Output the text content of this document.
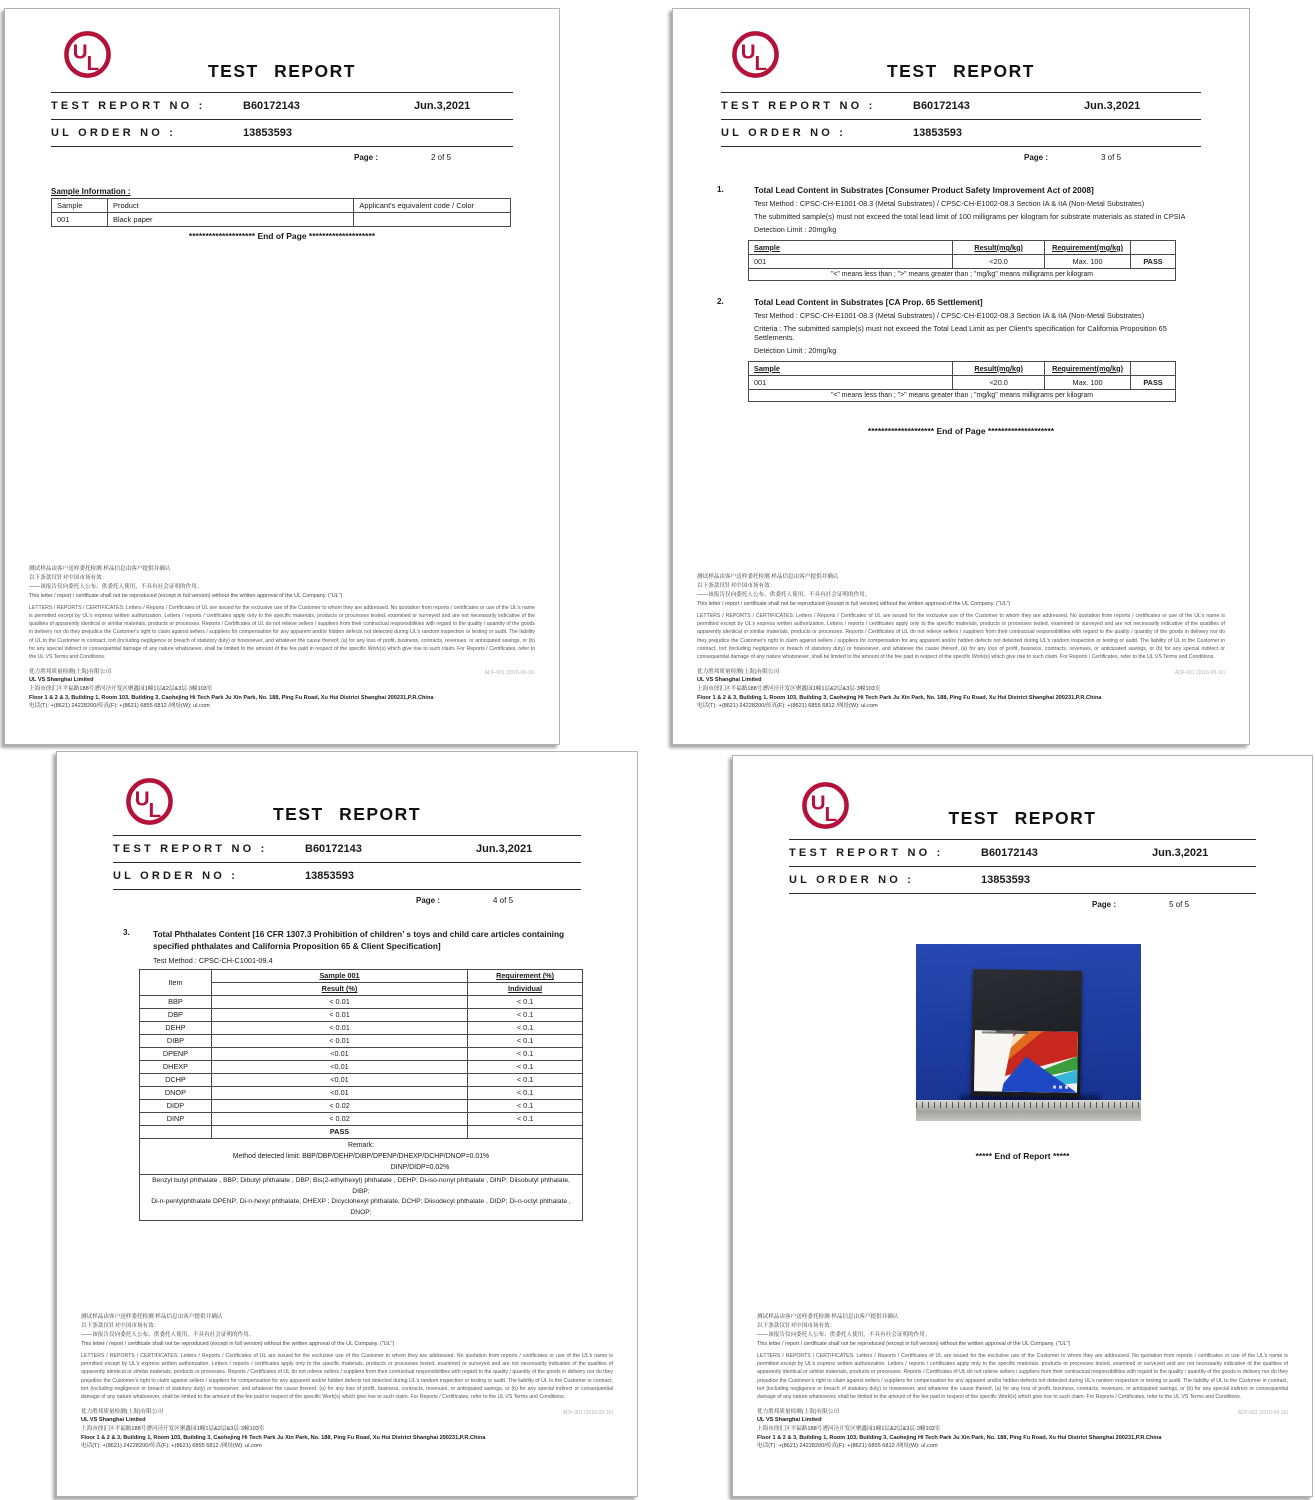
U
L	TEST REPORT
TEST REPORT NO :	B60172143	Jun.3,2021
UL ORDER NO :	13853593
Page :	2 of 5
Sample Information :
Sample	Product	Applicant's equivalent code / Color
001	Black paper	
******************** End of Page ********************
测试样品由客户送样委托检测 样品信息由客户提供并确认
以下条款仅针对中国市场有效：
——该报告仅向委托人公布、供委托人使用，不具有社会证明的作用。
This letter / report / certificate shall not be reproduced (except in full version) without the written approval of the UL Company. ("UL")
LETTERS / REPORTS / CERTIFICATES: Letters / Reports / Certificates of UL are issued for the exclusive use of the Customer to whom they are addressed. No quotation from reports / certificates or use of the UL's name is permitted except by UL's express written authorization. Letters / reports / certificates apply only to the specific materials, products or processes tested, examined or surveyed and are not necessarily indicative of the qualities of apparently identical or similar materials, products or processes. Reports / Certificates of UL do not relieve sellers / suppliers from their contractual responsibilities with regard to the quality / quantity of the goods in delivery nor do they prejudice the Customer's right to claim against sellers / suppliers for compensation for any apparent and/or hidden defects not detected during UL's random inspection or testing or audit. The liability of UL to the Customer in contract, tort (including negligence or breach of statutory duty) or howsoever, and whatever the cause thereof, (a) for any loss of profit, business, contracts, revenues, or anticipated savings, or (b) for any special indirect or consequential damage of any nature whatsoever, shall be limited to the amount of the fee paid in respect of the specific Work(s) which give rise to such claim. For Reports / Certificates, refer to the UL VS Terms and Conditions.
优力胜邦质量检测(上海)有限公司
UL VS Shanghai Limited
上海市徐汇区平福路188号漕河泾开发区聚鑫园1幢1层&2层&3层·3幢103室
Floor 1 & 2 & 3, Building 1, Room 103, Building 3, Caohejing Hi Tech Park Ju Xin Park, No. 188, Ping Fu Road, Xu Hui District Shanghai 200231,P.R.China
电话(T): +(8621) 24228200/传真(F): +(8621) 6855 6812 /网址(W): ul.com
ADF-001 (2016-09-16)
U
L	TEST REPORT
TEST REPORT NO :	B60172143	Jun.3,2021
UL ORDER NO :	13853593
Page :	3 of 5
1.	Total Lead Content in Substrates [Consumer Product Safety Improvement Act of 2008]
Test Method : CPSC-CH-E1001-08.3 (Metal Substrates) / CPSC-CH-E1002-08.3 Section IA & IIA (Non-Metal Substrates)
The submitted sample(s) must not exceed the total lead limit of 100 milligrams per kilogram for substrate materials as stated in CPSIA
Detection Limit : 20mg/kg
Sample	Result(mg/kg)	Requirement(mg/kg)	
001	<20.0	Max. 100	PASS
"<" means less than ; ">" means greater than ; "mg/kg" means milligrams per kilogram			
2.	Total Lead Content in Substrates [CA Prop. 65 Settlement]
Test Method : CPSC-CH-E1001-08.3 (Metal Substrates) / CPSC-CH-E1002-08.3 Section IA & IIA (Non-Metal Substrates)
Criteria : The submitted sample(s) must not exceed the Total Lead Limit as per Client's specification for California Proposition 65 Settlements.
Detection Limit : 20mg/kg
Sample	Result(mg/kg)	Requirement(mg/kg)	
001	<20.0	Max. 100	PASS
"<" means less than ; ">" means greater than ; "mg/kg" means milligrams per kilogram			
******************** End of Page ********************
测试样品由客户送样委托检测 样品信息由客户提供并确认
以下条款仅针对中国市场有效：
——该报告仅向委托人公布、供委托人使用，不具有社会证明的作用。
This letter / report / certificate shall not be reproduced (except in full version) without the written approval of the UL Company. ("UL")
LETTERS / REPORTS / CERTIFICATES: Letters / Reports / Certificates of UL are issued for the exclusive use of the Customer to whom they are addressed. No quotation from reports / certificates or use of the UL's name is permitted except by UL's express written authorization. Letters / reports / certificates apply only to the specific materials, products or processes tested, examined or surveyed and are not necessarily indicative of the qualities of apparently identical or similar materials, products or processes. Reports / Certificates of UL do not relieve sellers / suppliers from their contractual responsibilities with regard to the quality / quantity of the goods in delivery nor do they prejudice the Customer's right to claim against sellers / suppliers for compensation for any apparent and/or hidden defects not detected during UL's random inspection or testing or audit. The liability of UL to the Customer in contract, tort (including negligence or breach of statutory duty) or howsoever, and whatever the cause thereof, (a) for any loss of profit, business, contracts, revenues, or anticipated savings, or (b) for any special indirect or consequential damage of any nature whatsoever, shall be limited to the amount of the fee paid in respect of the specific Work(s) which give rise to such claim. For Reports / Certificates, refer to the UL VS Terms and Conditions.
优力胜邦质量检测(上海)有限公司
UL VS Shanghai Limited
上海市徐汇区平福路188号漕河泾开发区聚鑫园1幢1层&2层&3层·3幢103室
Floor 1 & 2 & 3, Building 1, Room 103, Building 3, Caohejing Hi Tech Park Ju Xin Park, No. 188, Ping Fu Road, Xu Hui District Shanghai 200231,P.R.China
电话(T): +(8621) 24228200/传真(F): +(8621) 6855 6812 /网址(W): ul.com
ADF-001 (2016-09-16)
U
L	TEST REPORT
TEST REPORT NO :	B60172143	Jun.3,2021
UL ORDER NO :	13853593
Page :	4 of 5
3.	Total Phthalates Content [16 CFR 1307.3 Prohibition of children’ s toys and child care articles containing specified phthalates and California Proposition 65 & Client Specification]
Test Method : CPSC-CH-C1001-09.4
Item	Sample 001	Requirement (%)
	Result (%)	Individual
BBP	< 0.01	< 0.1
DBP	< 0.01	< 0.1
DEHP	< 0.01	< 0.1
DIBP	< 0.01	< 0.1
DPENP	<0.01	< 0.1
DHEXP	<0.01	< 0.1
DCHP	<0.01	< 0.1
DNOP	<0.01	< 0.1
DIDP	< 0.02	< 0.1
DINP	< 0.02	< 0.1
	PASS	

Remark:
Method detected limit: BBP/DBP/DEHP/DIBP/DPENP/DHEXP/DCHP/DNOP=0.01%
DINP/DIDP=0.02%		

Benzyl butyl phthalate , BBP; Dibutyl phthalate , DBP; Bis(2-ethylhexyl) phthalate , DEHP; Di-iso-nonyl phthalate , DINP; Diisobutyl phthalate, DIBP;
Di-n-pentylphthalate DPENP; Di-n-hexyl phthalate, DHEXP ; Dicyclohexyl phthalate, DCHP; Diisodecyl phthalate , DIDP; Di-n-octyl phthalate , DNOP;		
测试样品由客户送样委托检测 样品信息由客户提供并确认
以下条款仅针对中国市场有效：
——该报告仅向委托人公布、供委托人使用，不具有社会证明的作用。
This letter / report / certificate shall not be reproduced (except in full version) without the written approval of the UL Company. ("UL")
LETTERS / REPORTS / CERTIFICATES: Letters / Reports / Certificates of UL are issued for the exclusive use of the Customer to whom they are addressed. No quotation from reports / certificates or use of the UL's name is permitted except by UL's express written authorization. Letters / reports / certificates apply only to the specific materials, products or processes tested, examined or surveyed and are not necessarily indicative of the qualities of apparently identical or similar materials, products or processes. Reports / Certificates of UL do not relieve sellers / suppliers from their contractual responsibilities with regard to the quality / quantity of the goods in delivery nor do they prejudice the Customer's right to claim against sellers / suppliers for compensation for any apparent and/or hidden defects not detected during UL's random inspection or testing or audit. The liability of UL to the Customer in contract, tort (including negligence or breach of statutory duty) or howsoever, and whatever the cause thereof, (a) for any loss of profit, business, contracts, revenues, or anticipated savings, or (b) for any special indirect or consequential damage of any nature whatsoever, shall be limited to the amount of the fee paid in respect of the specific Work(s) which give rise to such claim. For Reports / Certificates, refer to the UL VS Terms and Conditions.
优力胜邦质量检测(上海)有限公司
UL VS Shanghai Limited
上海市徐汇区平福路188号漕河泾开发区聚鑫园1幢1层&2层&3层·3幢103室
Floor 1 & 2 & 3, Building 1, Room 103, Building 3, Caohejing Hi Tech Park Ju Xin Park, No. 188, Ping Fu Road, Xu Hui District Shanghai 200231,P.R.China
电话(T): +(8621) 24228200/传真(F): +(8621) 6855 6812 /网址(W): ul.com
ADF-001 (2016-09-16)
U
L	TEST REPORT
TEST REPORT NO :	B60172143	Jun.3,2021
UL ORDER NO :	13853593
Page :	5 of 5
***** End of Report *****
测试样品由客户送样委托检测 样品信息由客户提供并确认
以下条款仅针对中国市场有效：
——该报告仅向委托人公布、供委托人使用，不具有社会证明的作用。
This letter / report / certificate shall not be reproduced (except in full version) without the written approval of the UL Company. ("UL")
LETTERS / REPORTS / CERTIFICATES: Letters / Reports / Certificates of UL are issued for the exclusive use of the Customer to whom they are addressed. No quotation from reports / certificates or use of the UL's name is permitted except by UL's express written authorization. Letters / reports / certificates apply only to the specific materials, products or processes tested, examined or surveyed and are not necessarily indicative of the qualities of apparently identical or similar materials, products or processes. Reports / Certificates of UL do not relieve sellers / suppliers from their contractual responsibilities with regard to the quality / quantity of the goods in delivery nor do they prejudice the Customer's right to claim against sellers / suppliers for compensation for any apparent and/or hidden defects not detected during UL's random inspection or testing or audit. The liability of UL to the Customer in contract, tort (including negligence or breach of statutory duty) or howsoever, and whatever the cause thereof, (a) for any loss of profit, business, contracts, revenues, or anticipated savings, or (b) for any special indirect or consequential damage of any nature whatsoever, shall be limited to the amount of the fee paid in respect of the specific Work(s) which give rise to such claim. For Reports / Certificates, refer to the UL VS Terms and Conditions.
优力胜邦质量检测(上海)有限公司
UL VS Shanghai Limited
上海市徐汇区平福路188号漕河泾开发区聚鑫园1幢1层&2层&3层·3幢103室
Floor 1 & 2 & 3, Building 1, Room 103, Building 3, Caohejing Hi Tech Park Ju Xin Park, No. 188, Ping Fu Road, Xu Hui District Shanghai 200231,P.R.China
电话(T): +(8621) 24228200/传真(F): +(8621) 6855 6812 /网址(W): ul.com
ADF-001 (2016-09-16)
